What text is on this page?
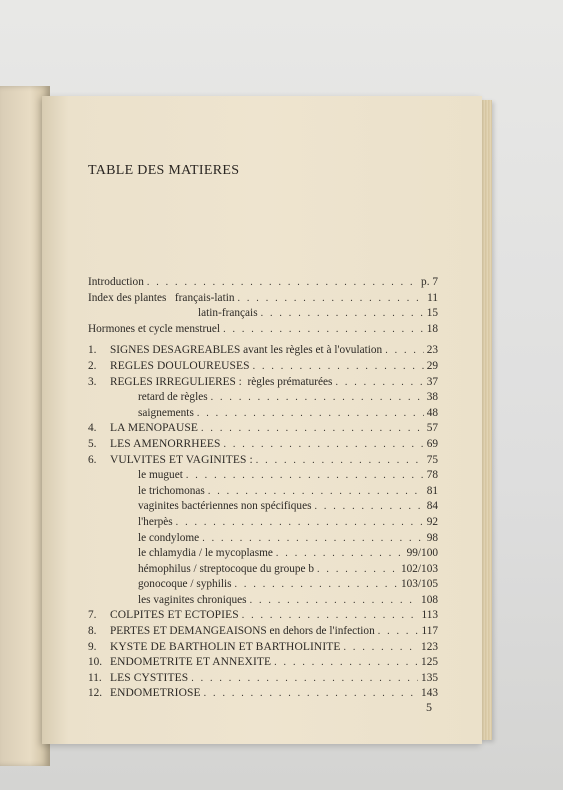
TABLE DES MATIERES
Introduction . . .	p. 7
Index des plantes   français-latin . . .	11
latin-français . . .	15
Hormones et cycle menstruel . . .	18
1.	SIGNES DESAGREABLES avant les règles et à l'ovulation . . .	23
2.	REGLES DOULOUREUSES . . .	29
3.	REGLES IRREGULIERES :  règles prématurées . . .	37
retard de règles . . .	38
saignements . . .	48
4.	LA MENOPAUSE . . .	57
5.	LES AMENORRHEES . . .	69
6.	VULVITES ET VAGINITES : . . .	75
le muguet . . .	78
le trichomonas . . .	81
vaginites bactériennes non spécifiques . . .	84
l'herpès . . .	92
le condylome . . .	98
le chlamydia / le mycoplasme . . .	99/100
hémophilus / streptocoque du groupe b . . .	102/103
gonocoque / syphilis . . .	103/105
les vaginites chroniques . . .	108
7.	COLPITES ET ECTOPIES . . .	113
8.	PERTES ET DEMANGEAISONS en dehors de l'infection . . .	117
9.	KYSTE DE BARTHOLIN ET BARTHOLINITE . . .	123
10. ENDOMETRITE ET ANNEXITE . . .	125
11. LES CYSTITES . . .	135
12. ENDOMETRIOSE . . .	143
5
